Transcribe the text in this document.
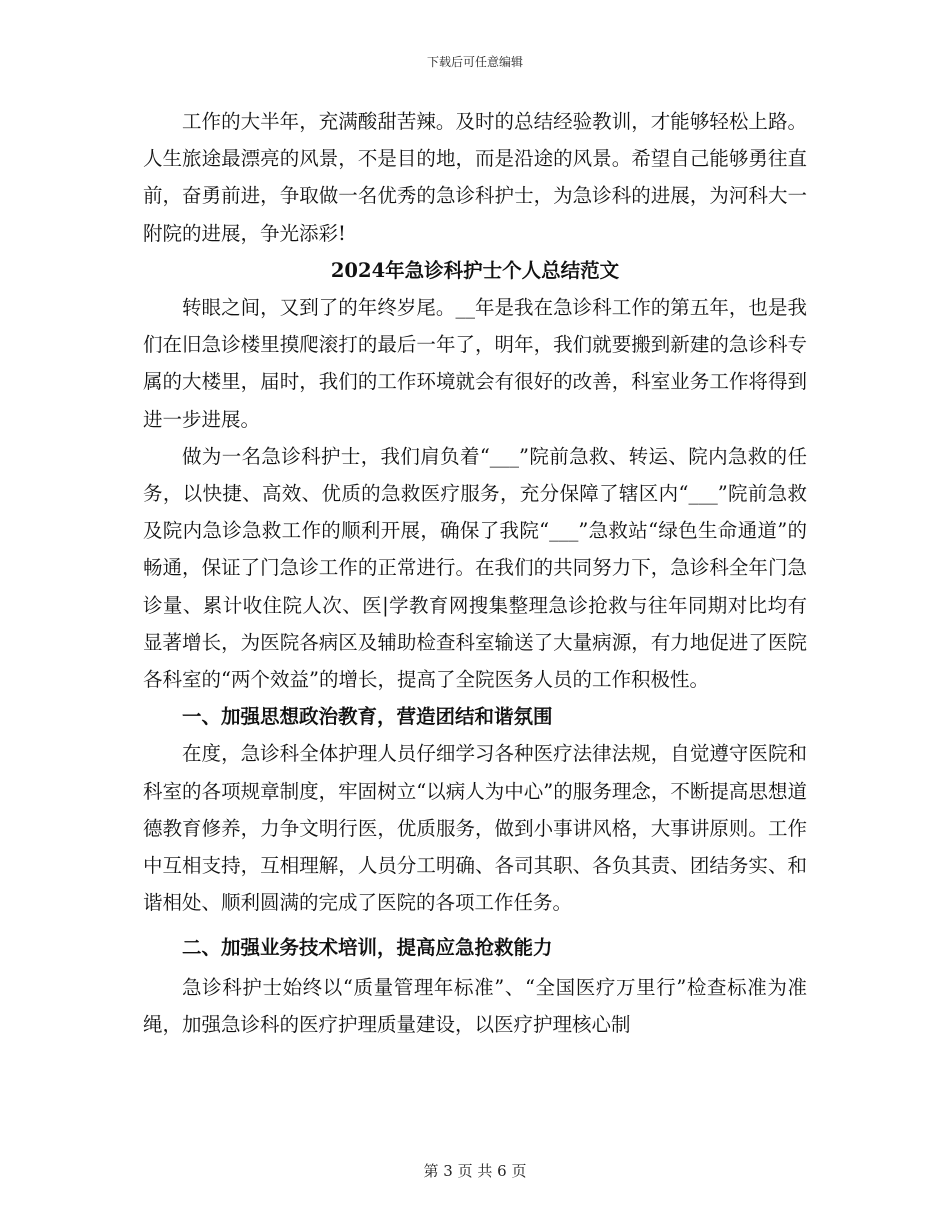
下载后可任意编辑

工作的大半年，充满酸甜苦辣。及时的总结经验教训，才能够轻松上路。人生旅途最漂亮的风景，不是目的地，而是沿途的风景。希望自己能够勇往直前，奋勇前进，争取做一名优秀的急诊科护士，为急诊科的进展，为河科大一附院的进展，争光添彩!

2024年急诊科护士个人总结范文

转眼之间，又到了的年终岁尾。__年是我在急诊科工作的第五年，也是我们在旧急诊楼里摸爬滚打的最后一年了，明年，我们就要搬到新建的急诊科专属的大楼里，届时，我们的工作环境就会有很好的改善，科室业务工作将得到进一步进展。

做为一名急诊科护士，我们肩负着“___”院前急救、转运、院内急救的任务，以快捷、高效、优质的急救医疗服务，充分保障了辖区内“___”院前急救及院内急诊急救工作的顺利开展，确保了我院“___”急救站“绿色生命通道”的畅通，保证了门急诊工作的正常进行。在我们的共同努力下，急诊科全年门急诊量、累计收住院人次、医|学教育网搜集整理急诊抢救与往年同期对比均有显著增长，为医院各病区及辅助检查科室输送了大量病源，有力地促进了医院各科室的“两个效益”的增长，提高了全院医务人员的工作积极性。

一、加强思想政治教育，营造团结和谐氛围

在度，急诊科全体护理人员仔细学习各种医疗法律法规，自觉遵守医院和科室的各项规章制度，牢固树立“以病人为中心”的服务理念，不断提高思想道德教育修养，力争文明行医，优质服务，做到小事讲风格，大事讲原则。工作中互相支持，互相理解，人员分工明确、各司其职、各负其责、团结务实、和谐相处、顺利圆满的完成了医院的各项工作任务。

二、加强业务技术培训，提高应急抢救能力

急诊科护士始终以“质量管理年标准”、“全国医疗万里行”检查标准为准绳，加强急诊科的医疗护理质量建设，以医疗护理核心制

第 3 页 共 6 页
